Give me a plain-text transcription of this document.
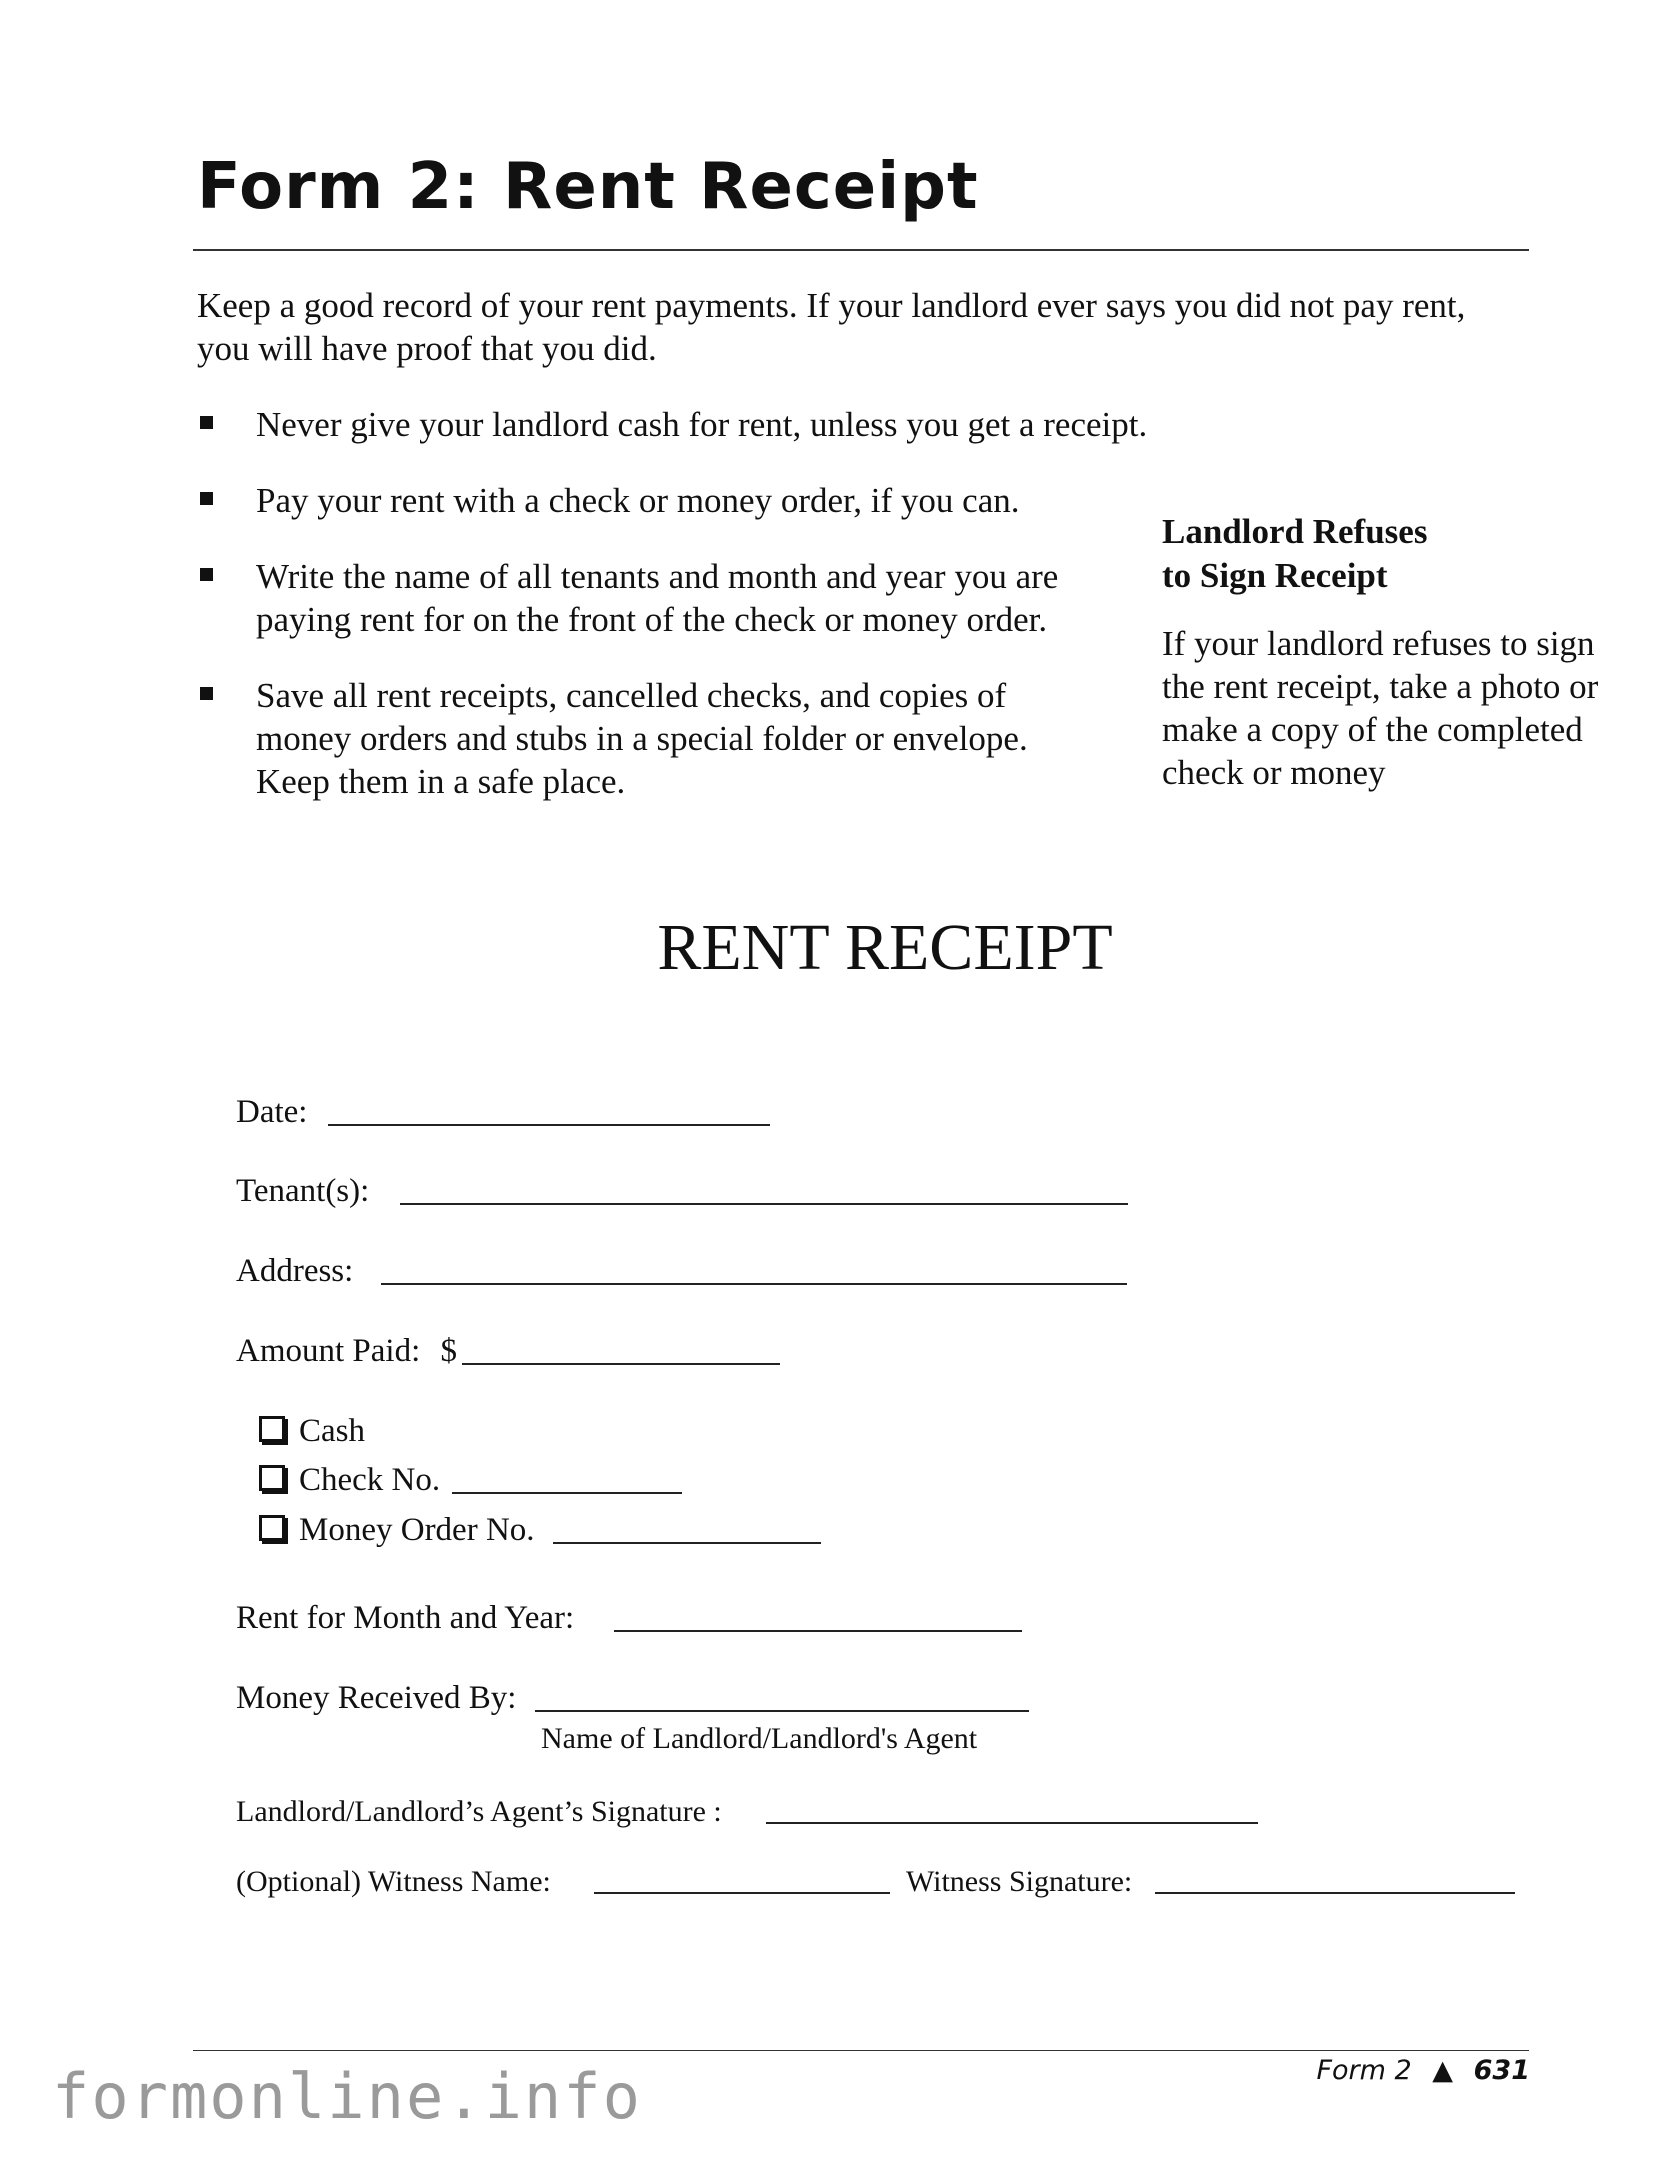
Form 2: Rent Receipt
Keep a good record of your rent payments. If your landlord ever says you did not pay rent, you will have proof that you did.
Never give your landlord cash for rent, unless you get a receipt.
Pay your rent with a check or money order, if you can.
Write the name of all tenants and month and year you are paying rent for on the front of the check or money order.
Save all rent receipts, cancelled checks, and copies of money orders and stubs in a special folder or envelope. Keep them in a safe place.
Landlord Refuses to Sign Receipt
If your landlord refuses to sign the rent receipt, take a photo or make a copy of the completed check or money
RENT RECEIPT
Date:
Tenant(s):
Address:
Amount Paid: $
Cash
Check No.
Money Order No.
Rent for Month and Year:
Money Received By:
Name of Landlord/Landlord's Agent
Landlord/Landlord’s Agent’s Signature :
(Optional) Witness Name:	Witness Signature:
Form 2 ▲ 631
formonline.info
